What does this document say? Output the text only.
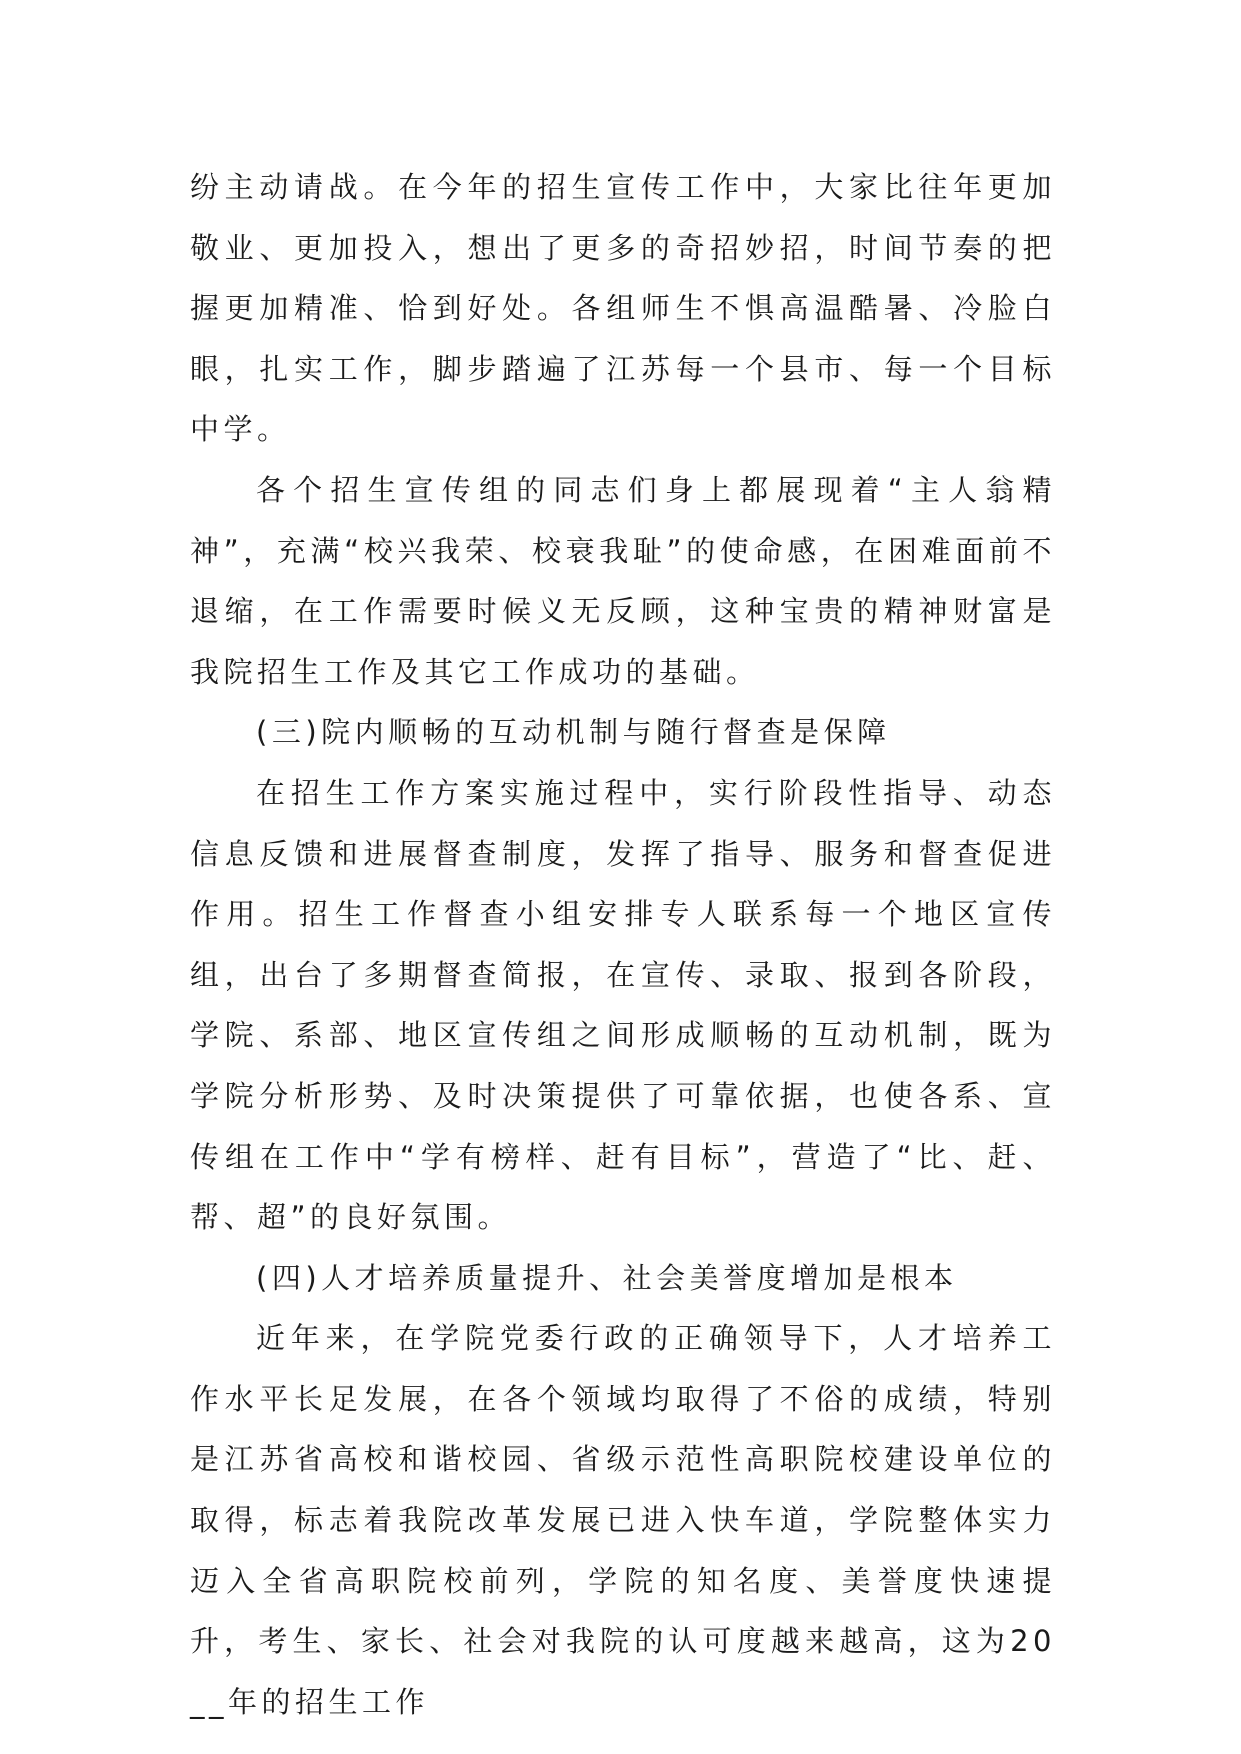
纷主动请战。在今年的招生宣传工作中，大家比往年更加敬业、更加投入，想出了更多的奇招妙招，时间节奏的把握更加精准、恰到好处。各组师生不惧高温酷暑、冷脸白眼，扎实工作，脚步踏遍了江苏每一个县市、每一个目标中学。

各个招生宣传组的同志们身上都展现着“主人翁精神”，充满“校兴我荣、校衰我耻”的使命感，在困难面前不退缩，在工作需要时候义无反顾，这种宝贵的精神财富是我院招生工作及其它工作成功的基础。

(三)院内顺畅的互动机制与随行督查是保障

在招生工作方案实施过程中，实行阶段性指导、动态信息反馈和进展督查制度，发挥了指导、服务和督查促进作用。招生工作督查小组安排专人联系每一个地区宣传组，出台了多期督查简报，在宣传、录取、报到各阶段，学院、系部、地区宣传组之间形成顺畅的互动机制，既为学院分析形势、及时决策提供了可靠依据，也使各系、宣传组在工作中“学有榜样、赶有目标”，营造了“比、赶、帮、超”的良好氛围。

(四)人才培养质量提升、社会美誉度增加是根本

近年来，在学院党委行政的正确领导下，人才培养工作水平长足发展，在各个领域均取得了不俗的成绩，特别是江苏省高校和谐校园、省级示范性高职院校建设单位的取得，标志着我院改革发展已进入快车道，学院整体实力迈入全省高职院校前列，学院的知名度、美誉度快速提升，考生、家长、社会对我院的认可度越来越高，这为20__年的招生工作
